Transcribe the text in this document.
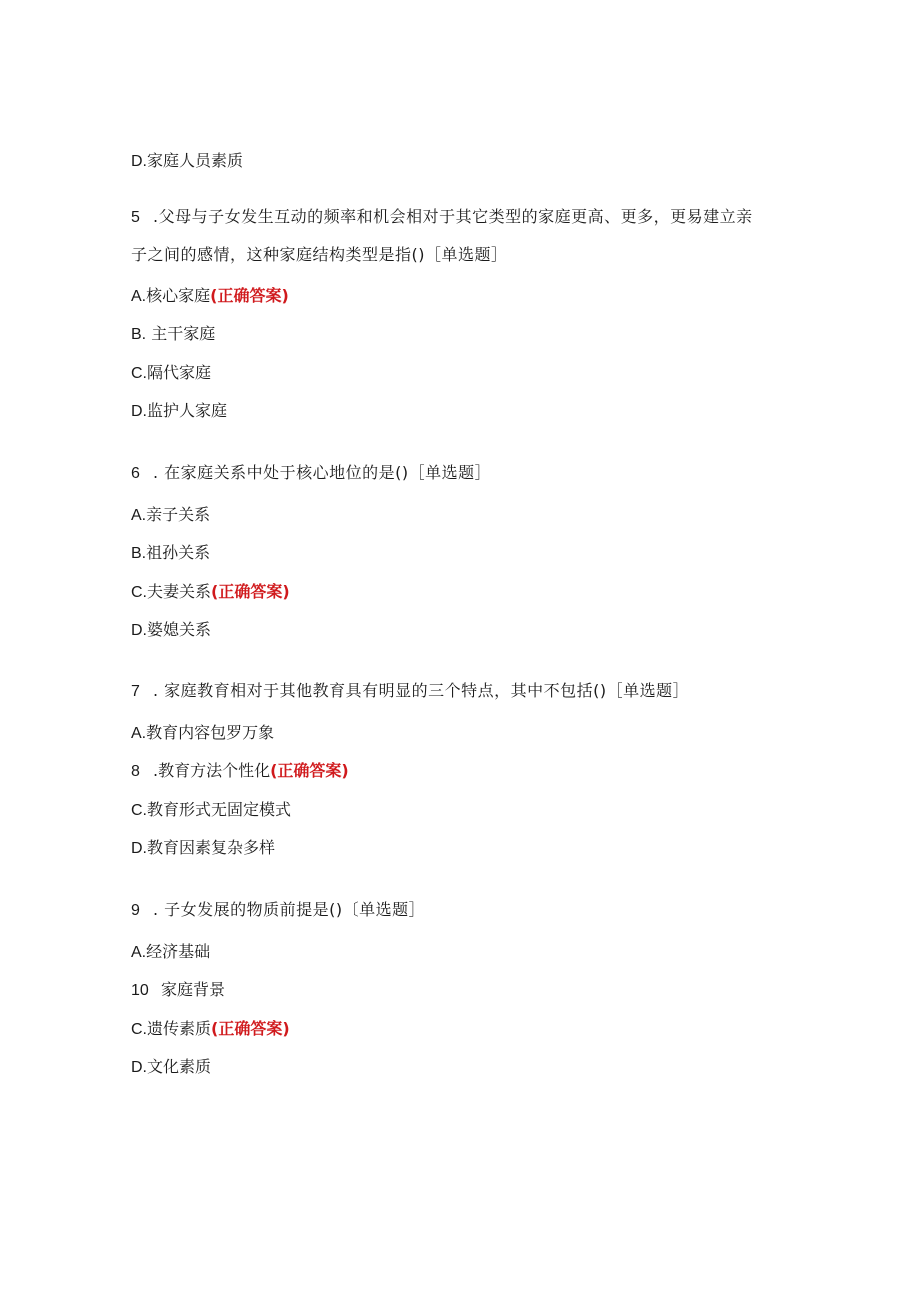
D.家庭人员素质
5 .父母与子女发生互动的频率和机会相对于其它类型的家庭更高、更多，更易建立亲
子之间的感情，这种家庭结构类型是指()［单选题］
A.核心家庭(正确答案)
B. 主干家庭
C.隔代家庭
D.监护人家庭
6 . 在家庭关系中处于核心地位的是()［单选题］
A.亲子关系
B.祖孙关系
C.夫妻关系(正确答案)
D.婆媳关系
7 . 家庭教育相对于其他教育具有明显的三个特点，其中不包括()［单选题］
A.教育内容包罗万象
8 .教育方法个性化(正确答案)
C.教育形式无固定模式
D.教育因素复杂多样
9 . 子女发展的物质前提是()〔单选题］
A.经济基础
10 家庭背景
C.遗传素质(正确答案)
D.文化素质
